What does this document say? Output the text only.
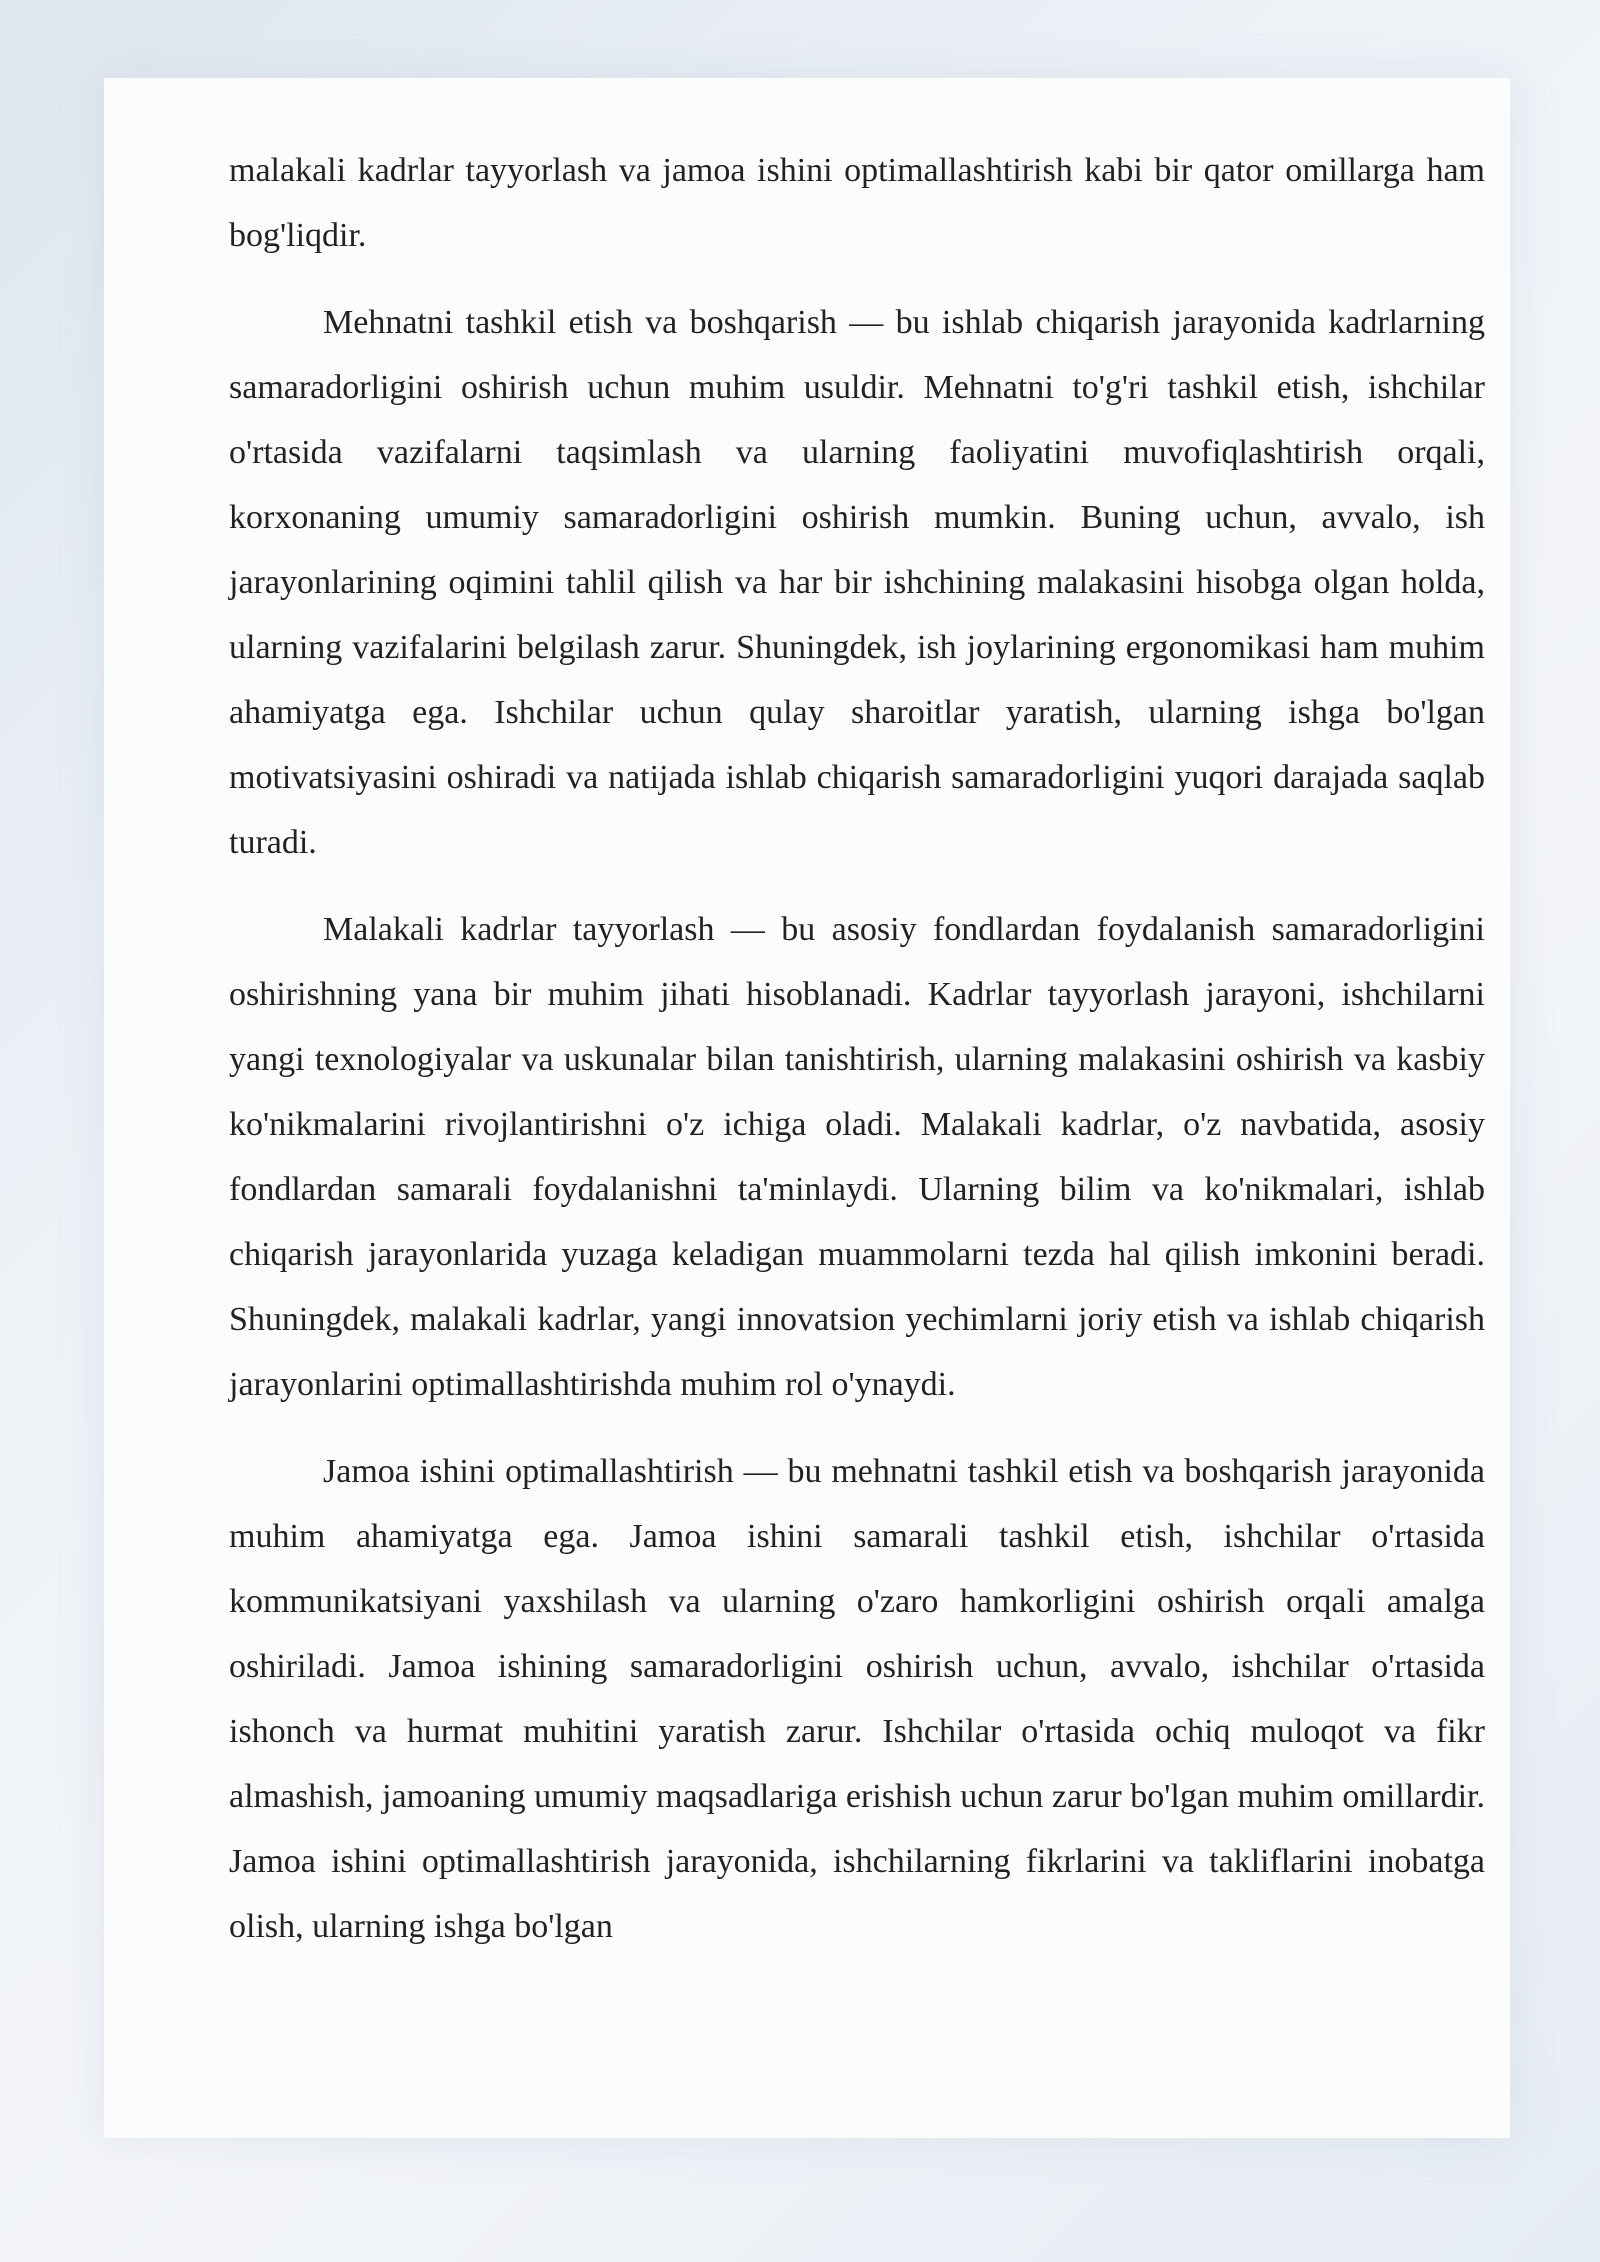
malakali kadrlar tayyorlash va jamoa ishini optimallashtirish kabi bir qator omillarga ham bog'liqdir.

Mehnatni tashkil etish va boshqarish — bu ishlab chiqarish jarayonida kadrlarning samaradorligini oshirish uchun muhim usuldir. Mehnatni to'g'ri tashkil etish, ishchilar o'rtasida vazifalarni taqsimlash va ularning faoliyatini muvofiqlashtirish orqali, korxonaning umumiy samaradorligini oshirish mumkin. Buning uchun, avvalo, ish jarayonlarining oqimini tahlil qilish va har bir ishchining malakasini hisobga olgan holda, ularning vazifalarini belgilash zarur. Shuningdek, ish joylarining ergonomikasi ham muhim ahamiyatga ega. Ishchilar uchun qulay sharoitlar yaratish, ularning ishga bo'lgan motivatsiyasini oshiradi va natijada ishlab chiqarish samaradorligini yuqori darajada saqlab turadi.

Malakali kadrlar tayyorlash — bu asosiy fondlardan foydalanish samaradorligini oshirishning yana bir muhim jihati hisoblanadi. Kadrlar tayyorlash jarayoni, ishchilarni yangi texnologiyalar va uskunalar bilan tanishtirish, ularning malakasini oshirish va kasbiy ko'nikmalarini rivojlantirishni o'z ichiga oladi. Malakali kadrlar, o'z navbatida, asosiy fondlardan samarali foydalanishni ta'minlaydi. Ularning bilim va ko'nikmalari, ishlab chiqarish jarayonlarida yuzaga keladigan muammolarni tezda hal qilish imkonini beradi. Shuningdek, malakali kadrlar, yangi innovatsion yechimlarni joriy etish va ishlab chiqarish jarayonlarini optimallashtirishda muhim rol o'ynaydi.

Jamoa ishini optimallashtirish — bu mehnatni tashkil etish va boshqarish jarayonida muhim ahamiyatga ega. Jamoa ishini samarali tashkil etish, ishchilar o'rtasida kommunikatsiyani yaxshilash va ularning o'zaro hamkorligini oshirish orqali amalga oshiriladi. Jamoa ishining samaradorligini oshirish uchun, avvalo, ishchilar o'rtasida ishonch va hurmat muhitini yaratish zarur. Ishchilar o'rtasida ochiq muloqot va fikr almashish, jamoaning umumiy maqsadlariga erishish uchun zarur bo'lgan muhim omillardir. Jamoa ishini optimallashtirish jarayonida, ishchilarning fikrlarini va takliflarini inobatga olish, ularning ishga bo'lgan
